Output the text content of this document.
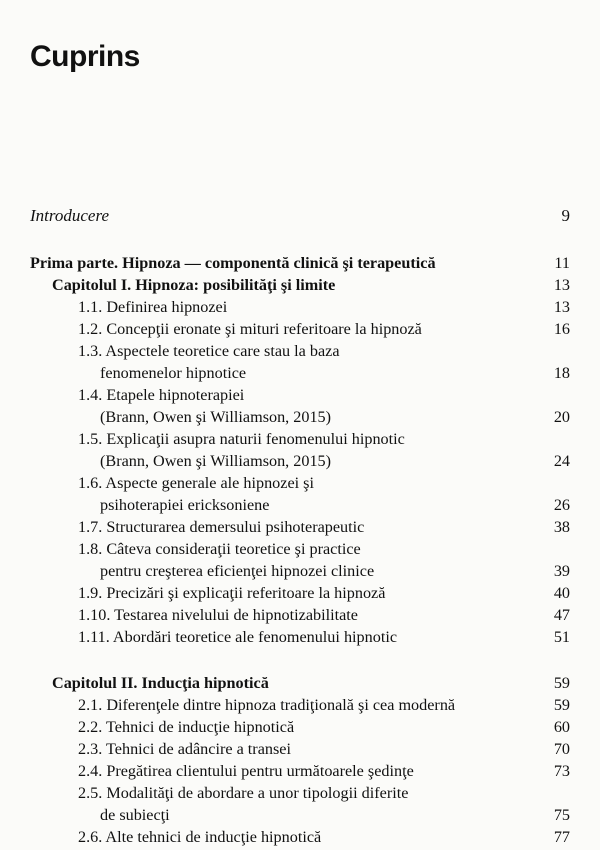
Cuprins
Introducere	9
Prima parte. Hipnoza — componentă clinică şi terapeutică	11
Capitolul I. Hipnoza: posibilităţi şi limite	13
1.1. Definirea hipnozei	13
1.2. Concepţii eronate şi mituri referitoare la hipnoză	16
1.3. Aspectele teoretice care stau la baza
fenomenelor hipnotice	18
1.4. Etapele hipnoterapiei
(Brann, Owen şi Williamson, 2015)	20
1.5. Explicaţii asupra naturii fenomenului hipnotic
(Brann, Owen şi Williamson, 2015)	24
1.6. Aspecte generale ale hipnozei şi
psihoterapiei ericksoniene	26
1.7. Structurarea demersului psihoterapeutic	38
1.8. Câteva consideraţii teoretice şi practice
pentru creşterea eficienţei hipnozei clinice	39
1.9. Precizări şi explicaţii referitoare la hipnoză	40
1.10. Testarea nivelului de hipnotizabilitate	47
1.11. Abordări teoretice ale fenomenului hipnotic	51
Capitolul II. Inducţia hipnotică	59
2.1. Diferenţele dintre hipnoza tradiţională şi cea modernă	59
2.2. Tehnici de inducţie hipnotică	60
2.3. Tehnici de adâncire a transei	70
2.4. Pregătirea clientului pentru următoarele şedinţe	73
2.5. Modalităţi de abordare a unor tipologii diferite
de subiecţi	75
2.6. Alte tehnici de inducţie hipnotică	77
